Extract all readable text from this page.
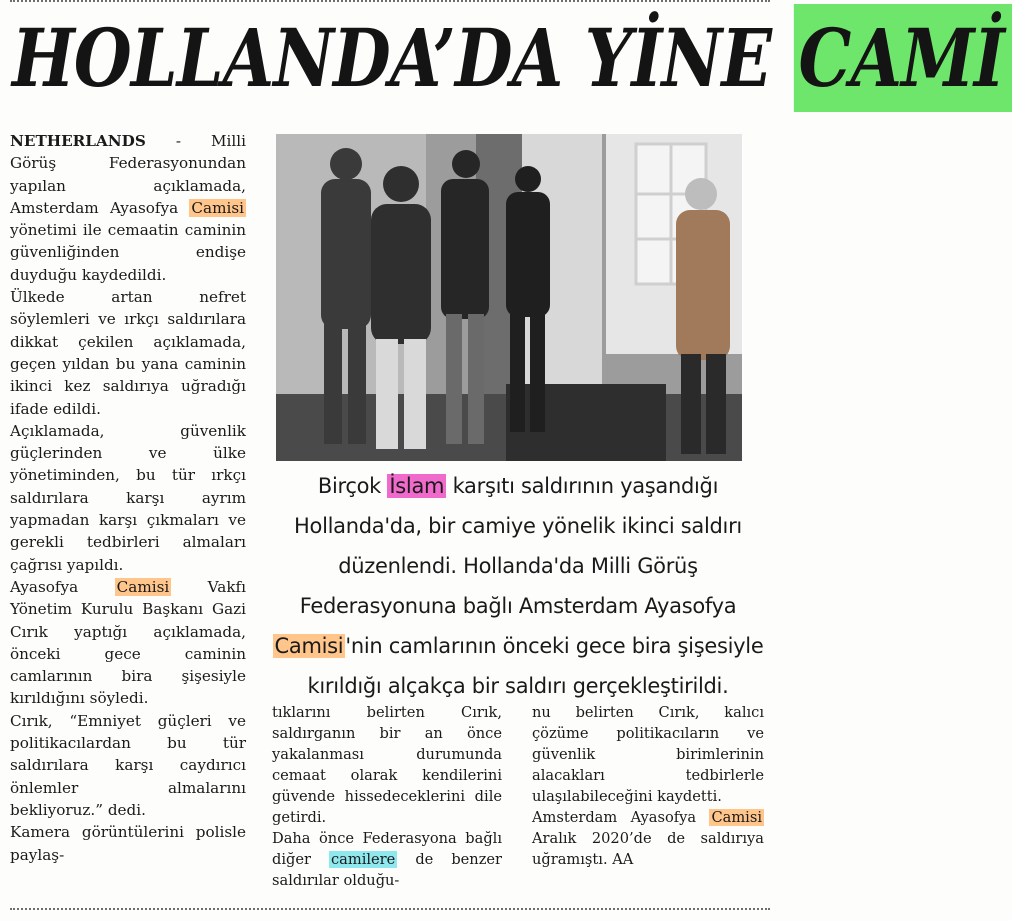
HOLLANDA’DA YİNE CAMİ

NETHERLANDS - Milli Görüş Federasyonundan yapılan açıklamada, Amsterdam Ayasofya Camisi yönetimi ile cemaatin caminin güvenliğinden endişe duyduğu kaydedildi.

Ülkede artan nefret söylemleri ve ırkçı saldırılara dikkat çekilen açıklamada, geçen yıldan bu yana caminin ikinci kez saldırıya uğradığı ifade edildi.

Açıklamada, güvenlik güçlerinden ve ülke yönetiminden, bu tür ırkçı saldırılara karşı ayrım yapmadan karşı çıkmaları ve gerekli tedbirleri almaları çağrısı yapıldı.

Ayasofya Camisi Vakfı Yönetim Kurulu Başkanı Gazi Cırık yaptığı açıklamada, önceki gece caminin camlarının bira şişesiyle kırıldığını söyledi.

Cırık, “Emniyet güçleri ve politikacılardan bu tür saldırılara karşı caydırıcı önlemler almalarını bekliyoruz.” dedi.

Kamera görüntülerini polisle paylaş-

Birçok İslam karşıtı saldırının yaşandığı Hollanda'da, bir camiye yönelik ikinci saldırı düzenlendi. Hollanda'da Milli Görüş Federasyonuna bağlı Amsterdam Ayasofya Camisi'nin camlarının önceki gece bira şişesiyle kırıldığı alçakça bir saldırı gerçekleştirildi.

tıklarını belirten Cırık, saldırganın bir an önce yakalanması durumunda cemaat olarak kendilerini güvende hissedeceklerini dile getirdi.

Daha önce Federasyona bağlı diğer camilere de benzer saldırılar olduğu-

nu belirten Cırık, kalıcı çözüme politikacıların ve güvenlik birimlerinin alacakları tedbirlerle ulaşılabileceğini kaydetti.

Amsterdam Ayasofya Camisi Aralık 2020’de de saldırıya uğramıştı. AA
